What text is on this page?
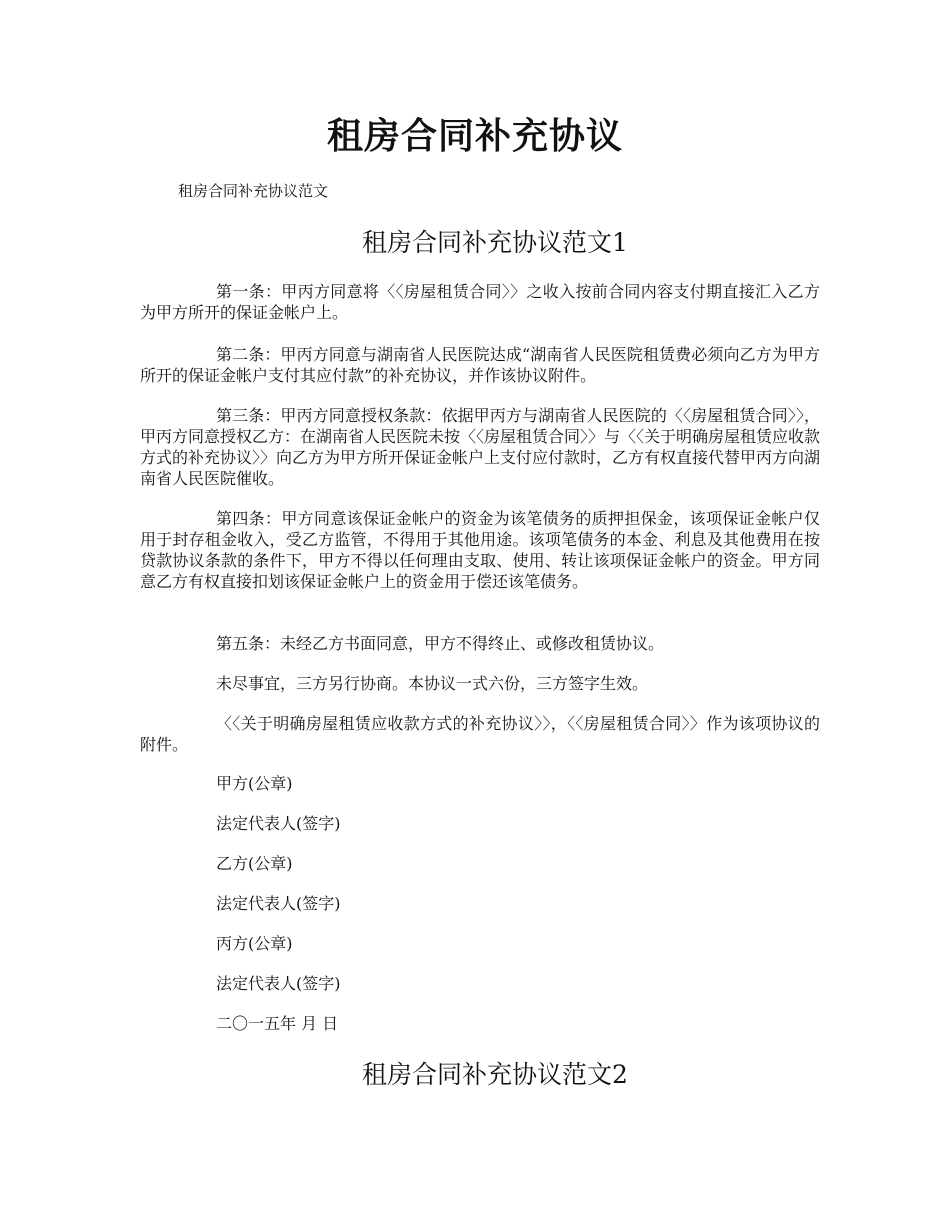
租房合同补充协议
租房合同补充协议范文
租房合同补充协议范文1

第一条：甲丙方同意将〈〈房屋租赁合同〉〉之收入按前合同内容支付期直接汇入乙方为甲方所开的保证金帐户上。

第二条：甲丙方同意与湖南省人民医院达成“湖南省人民医院租赁费必须向乙方为甲方所开的保证金帐户支付其应付款”的补充协议，并作该协议附件。

第三条：甲丙方同意授权条款：依据甲丙方与湖南省人民医院的〈〈房屋租赁合同〉〉，甲丙方同意授权乙方：在湖南省人民医院未按〈〈房屋租赁合同〉〉与〈〈关于明确房屋租赁应收款方式的补充协议〉〉向乙方为甲方所开保证金帐户上支付应付款时，乙方有权直接代替甲丙方向湖南省人民医院催收。

第四条：甲方同意该保证金帐户的资金为该笔债务的质押担保金，该项保证金帐户仅用于封存租金收入，受乙方监管，不得用于其他用途。该项笔债务的本金、利息及其他费用在按贷款协议条款的条件下，甲方不得以任何理由支取、使用、转让该项保证金帐户的资金。甲方同意乙方有权直接扣划该保证金帐户上的资金用于偿还该笔债务。

第五条：未经乙方书面同意，甲方不得终止、或修改租赁协议。

未尽事宜，三方另行协商。本协议一式六份，三方签字生效。

〈〈关于明确房屋租赁应收款方式的补充协议〉〉，〈〈房屋租赁合同〉〉作为该项协议的附件。

甲方(公章)
法定代表人(签字)
乙方(公章)
法定代表人(签字)
丙方(公章)
法定代表人(签字)
二〇一五年 月 日
租房合同补充协议范文2
